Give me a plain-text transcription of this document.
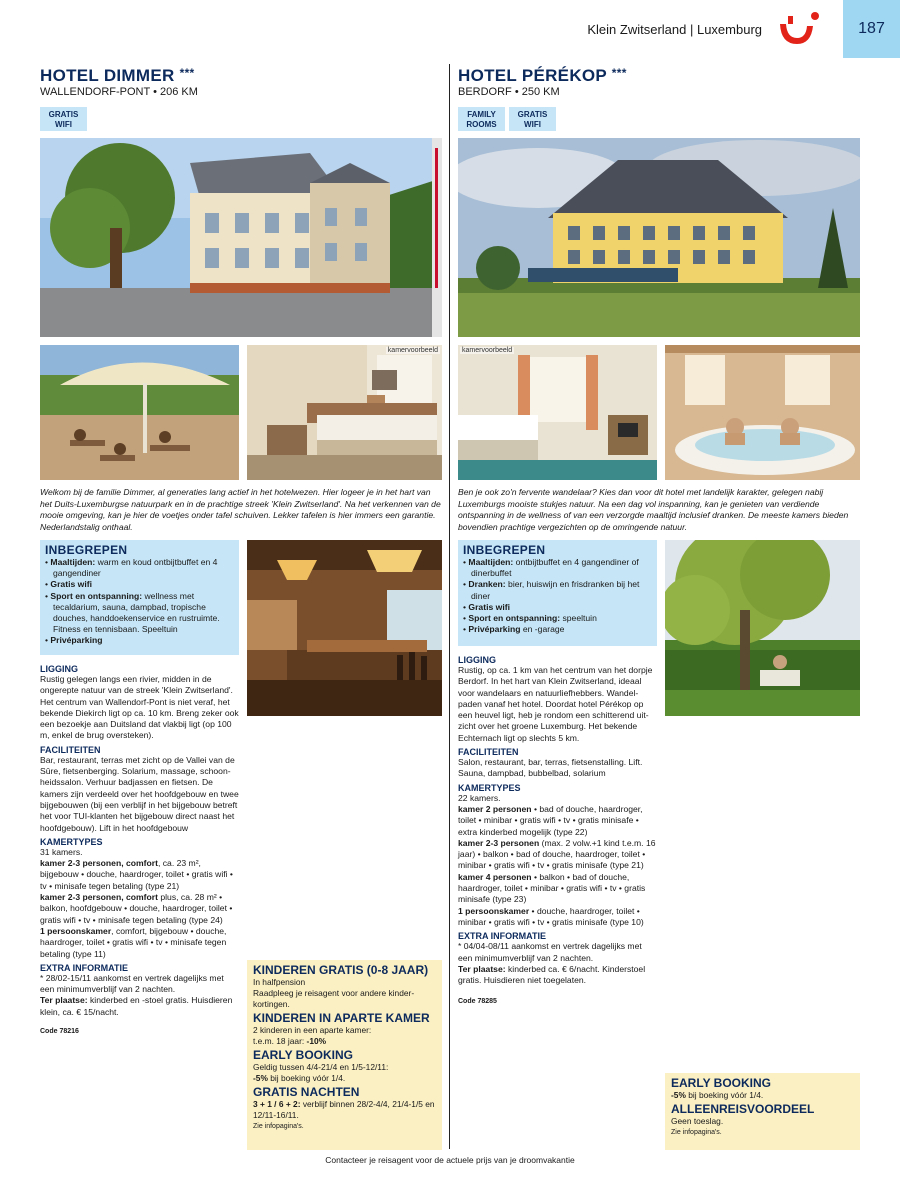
Klein Zwitserland | Luxemburg	187
HOTEL DIMMER ***
WALLENDORF-PONT • 206 KM
GRATIS
WIFI
kamervoorbeeld
Welkom bij de familie Dimmer, al generaties lang actief in het hotelwezen. Hier logeer je in het hart van het Duits-Luxemburgse natuurpark en in de prachtige streek 'Klein Zwitserland'. Na het verkennen van de mooie omgeving, kan je hier de voetjes onder tafel schuiven. Lekker tafelen is hier immers een garantie. Nederlandstalig onthaal.
INBEGREPEN
• Maaltijden: warm en koud ontbijtbuffet en 4 gangendiner
• Gratis wifi
• Sport en ontspanning: wellness met tecaldarium, sauna, dampbad, tropische douches, handdoekenservice en rustruimte. Fitness en tennisbaan. Speeltuin
• Privéparking
LIGGING
Rustig gelegen langs een rivier, midden in de ongerepte natuur van de streek 'Klein Zwitserland'. Het centrum van Wallendorf-Pont is niet veraf, het bekende Diekirch ligt op ca. 10 km. Breng zeker ook een bezoekje aan Duitsland dat vlakbij ligt (op 100 m, enkel de brug oversteken).
FACILITEITEN
Bar, restaurant, terras met zicht op de Vallei van de Sûre, fietsenberging. Solarium, massage, schoonheidssalon. Verhuur badjassen en fietsen. De kamers zijn verdeeld over het hoofdgebouw en twee bijgebouwen (bij een verblijf in het bijgebouw betreft het voor TUI-klanten het bijgebouw direct naast het hoofdgebouw). Lift in het hoofdgebouw
KAMERTYPES
31 kamers.
kamer 2-3 personen, comfort, ca. 23 m², bijgebouw • douche, haardroger, toilet • gratis wifi • tv • minisafe tegen betaling (type 21)
kamer 2-3 personen, comfort plus, ca. 28 m² • balkon, hoofdgebouw • douche, haardroger, toilet • gratis wifi • tv • minisafe tegen betaling (type 24)
1 persoonskamer, comfort, bijgebouw • douche, haardroger, toilet • gratis wifi • tv • minisafe tegen betaling (type 11)
EXTRA INFORMATIE
* 28/02-15/11 aankomst en vertrek dagelijks met een minimumverblijf van 2 nachten.
Ter plaatse: kinderbed en -stoel gratis. Huisdieren klein, ca. € 15/nacht.
Code 78216
KINDEREN GRATIS (0-8 JAAR)
In halfpension
Raadpleeg je reisagent voor andere kinderkortingen.
KINDEREN IN APARTE KAMER
2 kinderen in een aparte kamer:
t.e.m. 18 jaar: -10%
EARLY BOOKING
Geldig tussen 4/4-21/4 en 1/5-12/11:
-5% bij boeking vóór 1/4.
GRATIS NACHTEN
3 + 1 / 6 + 2: verblijf binnen 28/2-4/4, 21/4-1/5 en 12/11-16/11.
Zie infopagina's.
HOTEL PÉRÉKOP ***
BERDORF • 250 KM
FAMILY
ROOMS
GRATIS
WIFI
kamervoorbeeld
Ben je ook zo'n fervente wandelaar? Kies dan voor dit hotel met landelijk karakter, gelegen nabij Luxemburgs mooiste stukjes natuur. Na een dag vol inspanning, kan je genieten van verdiende ontspanning in de wellness of van een verzorgde maaltijd inclusief dranken. De meeste kamers bieden bovendien prachtige vergezichten op de omringende natuur.
INBEGREPEN
• Maaltijden: ontbijtbuffet en 4 gangendiner of dinerbuffet
• Dranken: bier, huiswijn en frisdranken bij het diner
• Gratis wifi
• Sport en ontspanning: speeltuin
• Privéparking en -garage
LIGGING
Rustig, op ca. 1 km van het centrum van het dorpje Berdorf. In het hart van Klein Zwitserland, ideaal voor wandelaars en natuurliefhebbers. Wandelpaden vanaf het hotel. Doordat hotel Pérékop op een heuvel ligt, heb je rondom een schitterend uitzicht over het groene Luxemburg. Het bekende Echternach ligt op slechts 5 km.
FACILITEITEN
Salon, restaurant, bar, terras, fietsenstalling. Lift. Sauna, dampbad, bubbelbad, solarium
KAMERTYPES
22 kamers.
kamer 2 personen • bad of douche, haardroger, toilet • minibar • gratis wifi • tv • gratis minisafe • extra kinderbed mogelijk (type 22)
kamer 2-3 personen (max. 2 volw.+1 kind t.e.m. 16 jaar) • balkon • bad of douche, haardroger, toilet • minibar • gratis wifi • tv • gratis minisafe (type 21)
kamer 4 personen • balkon • bad of douche, haardroger, toilet • minibar • gratis wifi • tv • gratis minisafe (type 23)
1 persoonskamer • douche, haardroger, toilet • minibar • gratis wifi • tv • gratis minisafe (type 10)
EXTRA INFORMATIE
* 04/04-08/11 aankomst en vertrek dagelijks met een minimumverblijf van 2 nachten.
Ter plaatse: kinderbed ca. € 6/nacht. Kinderstoel gratis. Huisdieren niet toegelaten.
Code 78285
EARLY BOOKING
-5% bij boeking vóór 1/4.
ALLEENREISVOORDEEL
Geen toeslag.
Zie infopagina's.
Contacteer je reisagent voor de actuele prijs van je droomvakantie
